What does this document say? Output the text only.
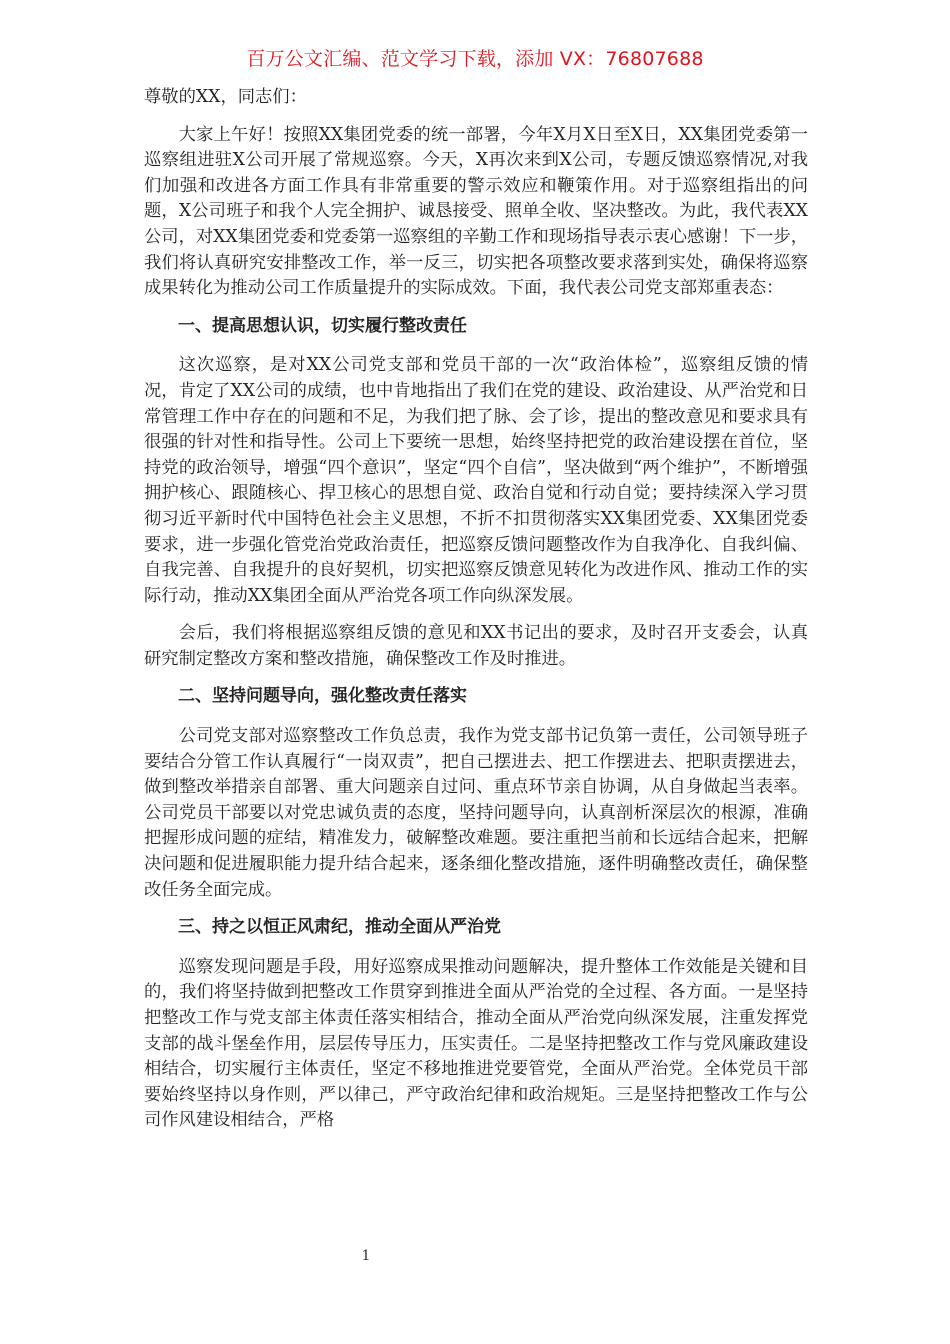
百万公文汇编、范文学习下载，添加 VX：76807688

尊敬的XX，同志们：

大家上午好！按照XX集团党委的统一部署，今年X月X日至X日，XX集团党委第一巡察组进驻X公司开展了常规巡察。今天，X再次来到X公司，专题反馈巡察情况,对我们加强和改进各方面工作具有非常重要的警示效应和鞭策作用。对于巡察组指出的问题，X公司班子和我个人完全拥护、诚恳接受、照单全收、坚决整改。为此，我代表XX公司，对XX集团党委和党委第一巡察组的辛勤工作和现场指导表示衷心感谢！下一步，我们将认真研究安排整改工作，举一反三，切实把各项整改要求落到实处，确保将巡察成果转化为推动公司工作质量提升的实际成效。下面，我代表公司党支部郑重表态：

一、提高思想认识，切实履行整改责任

这次巡察，是对XX公司党支部和党员干部的一次“政治体检”，巡察组反馈的情况，肯定了XX公司的成绩，也中肯地指出了我们在党的建设、政治建设、从严治党和日常管理工作中存在的问题和不足，为我们把了脉、会了诊，提出的整改意见和要求具有很强的针对性和指导性。公司上下要统一思想，始终坚持把党的政治建设摆在首位，坚持党的政治领导，增强“四个意识”，坚定“四个自信”，坚决做到“两个维护”，不断增强拥护核心、跟随核心、捍卫核心的思想自觉、政治自觉和行动自觉；要持续深入学习贯彻习近平新时代中国特色社会主义思想，不折不扣贯彻落实XX集团党委、XX集团党委要求，进一步强化管党治党政治责任，把巡察反馈问题整改作为自我净化、自我纠偏、自我完善、自我提升的良好契机，切实把巡察反馈意见转化为改进作风、推动工作的实际行动，推动XX集团全面从严治党各项工作向纵深发展。

会后，我们将根据巡察组反馈的意见和XX书记出的要求，及时召开支委会，认真研究制定整改方案和整改措施，确保整改工作及时推进。

二、坚持问题导向，强化整改责任落实

公司党支部对巡察整改工作负总责，我作为党支部书记负第一责任，公司领导班子要结合分管工作认真履行“一岗双责”，把自己摆进去、把工作摆进去、把职责摆进去，做到整改举措亲自部署、重大问题亲自过问、重点环节亲自协调，从自身做起当表率。公司党员干部要以对党忠诚负责的态度，坚持问题导向，认真剖析深层次的根源，准确把握形成问题的症结，精准发力，破解整改难题。要注重把当前和长远结合起来，把解决问题和促进履职能力提升结合起来，逐条细化整改措施，逐件明确整改责任，确保整改任务全面完成。

三、持之以恒正风肃纪，推动全面从严治党

巡察发现问题是手段，用好巡察成果推动问题解决，提升整体工作效能是关键和目的，我们将坚持做到把整改工作贯穿到推进全面从严治党的全过程、各方面。一是坚持把整改工作与党支部主体责任落实相结合，推动全面从严治党向纵深发展，注重发挥党支部的战斗堡垒作用，层层传导压力，压实责任。二是坚持把整改工作与党风廉政建设相结合，切实履行主体责任，坚定不移地推进党要管党，全面从严治党。全体党员干部要始终坚持以身作则，严以律己，严守政治纪律和政治规矩。三是坚持把整改工作与公司作风建设相结合，严格

1
